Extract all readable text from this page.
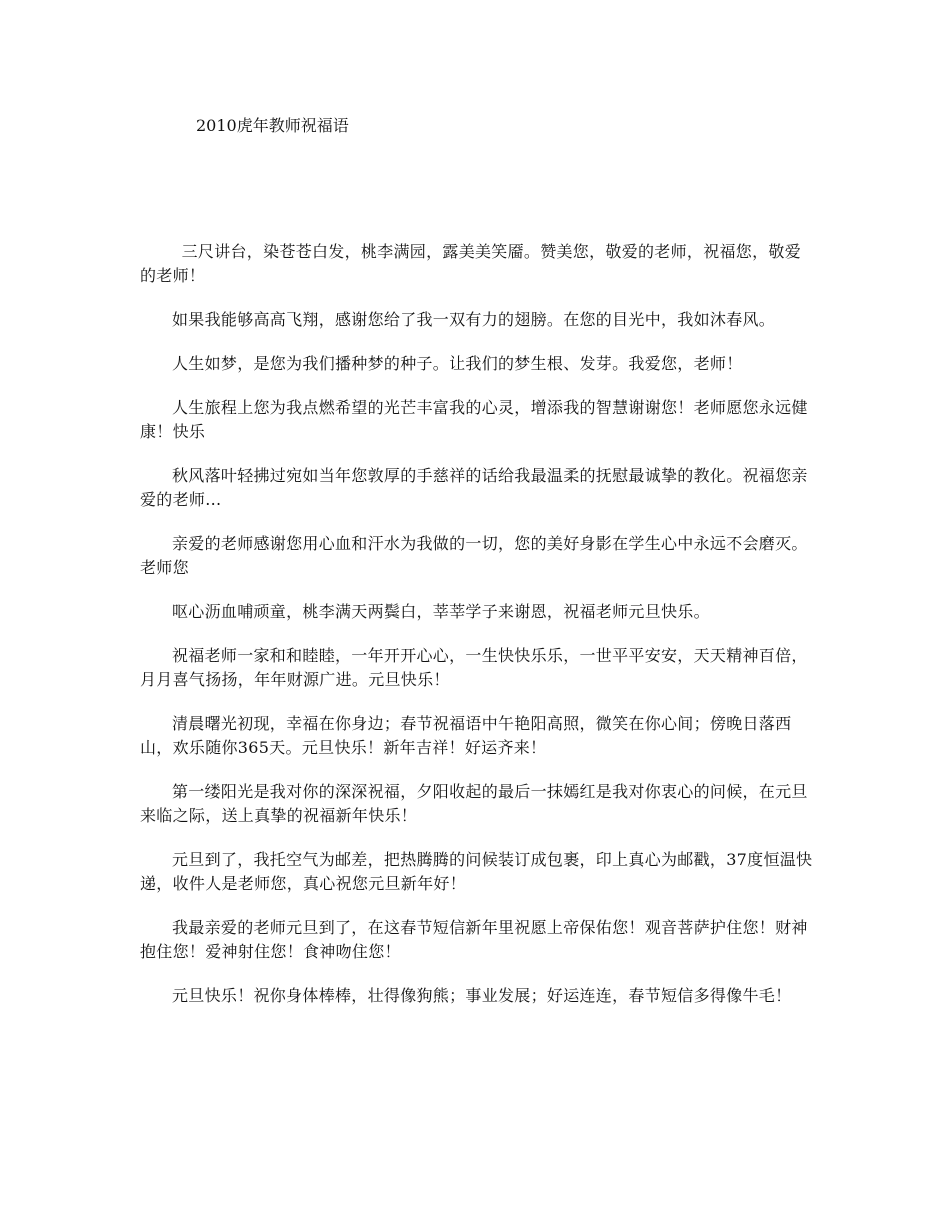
2010虎年教师祝福语

三尺讲台，染苍苍白发，桃李满园，露美美笑靥。赞美您，敬爱的老师，祝福您，敬爱的老师！

如果我能够高高飞翔，感谢您给了我一双有力的翅膀。在您的目光中，我如沐春风。

人生如梦，是您为我们播种梦的种子。让我们的梦生根、发芽。我爱您，老师！

人生旅程上您为我点燃希望的光芒丰富我的心灵，增添我的智慧谢谢您！老师愿您永远健康！快乐

秋风落叶轻拂过宛如当年您敦厚的手慈祥的话给我最温柔的抚慰最诚挚的教化。祝福您亲爱的老师...

亲爱的老师感谢您用心血和汗水为我做的一切，您的美好身影在学生心中永远不会磨灭。老师您

呕心沥血哺顽童，桃李满天两鬓白，莘莘学子来谢恩，祝福老师元旦快乐。

祝福老师一家和和睦睦，一年开开心心，一生快快乐乐，一世平平安安，天天精神百倍，月月喜气扬扬，年年财源广进。元旦快乐！

清晨曙光初现，幸福在你身边；春节祝福语中午艳阳高照，微笑在你心间；傍晚日落西山，欢乐随你365天。元旦快乐！新年吉祥！好运齐来！

第一缕阳光是我对你的深深祝福，夕阳收起的最后一抹嫣红是我对你衷心的问候，在元旦来临之际，送上真挚的祝福新年快乐！

元旦到了，我托空气为邮差，把热腾腾的问候装订成包裹，印上真心为邮戳，37度恒温快递，收件人是老师您，真心祝您元旦新年好！

我最亲爱的老师元旦到了，在这春节短信新年里祝愿上帝保佑您！观音菩萨护住您！财神抱住您！爱神射住您！食神吻住您！

元旦快乐！祝你身体棒棒，壮得像狗熊；事业发展；好运连连，春节短信多得像牛毛！
